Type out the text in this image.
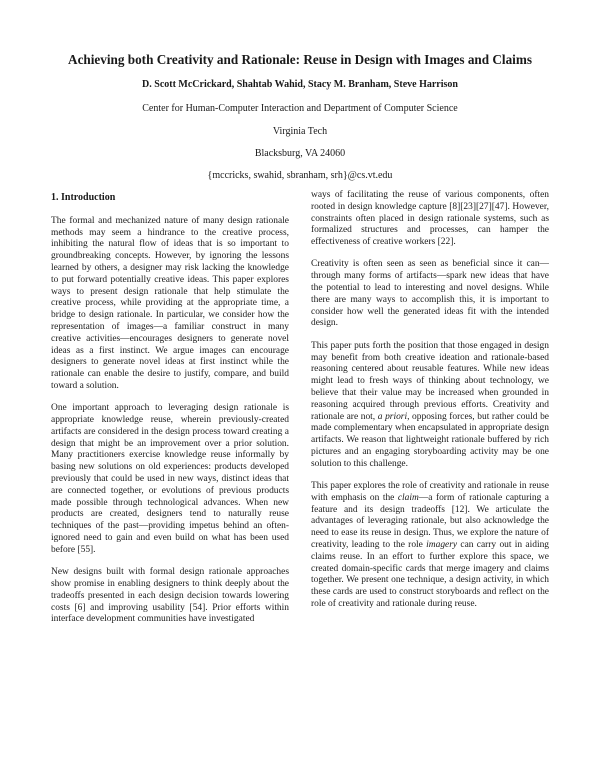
Achieving both Creativity and Rationale: Reuse in Design with Images and Claims

D. Scott McCrickard, Shahtab Wahid, Stacy M. Branham, Steve Harrison

Center for Human-Computer Interaction and Department of Computer Science

Virginia Tech

Blacksburg, VA 24060

{mccricks, swahid, sbranham, srh}@cs.vt.edu

1. Introduction

The formal and mechanized nature of many design rationale methods may seem a hindrance to the creative process, inhibiting the natural flow of ideas that is so important to groundbreaking concepts. However, by ignoring the lessons learned by others, a designer may risk lacking the knowledge to put forward potentially creative ideas. This paper explores ways to present design rationale that help stimulate the creative process, while providing at the appropriate time, a bridge to design rationale. In particular, we consider how the representation of images—a familiar construct in many creative activities—encourages designers to generate novel ideas as a first instinct. We argue images can encourage designers to generate novel ideas at first instinct while the rationale can enable the desire to justify, compare, and build toward a solution.

One important approach to leveraging design rationale is appropriate knowledge reuse, wherein previously-created artifacts are considered in the design process toward creating a design that might be an improvement over a prior solution. Many practitioners exercise knowledge reuse informally by basing new solutions on old experiences: products developed previously that could be used in new ways, distinct ideas that are connected together, or evolutions of previous products made possible through technological advances. When new products are created, designers tend to naturally reuse techniques of the past—providing impetus behind an often-ignored need to gain and even build on what has been used before [55].

New designs built with formal design rationale approaches show promise in enabling designers to think deeply about the tradeoffs presented in each design decision towards lowering costs [6] and improving usability [54]. Prior efforts within interface development communities have investigated

ways of facilitating the reuse of various components, often rooted in design knowledge capture [8][23][27][47]. However, constraints often placed in design rationale systems, such as formalized structures and processes, can hamper the effectiveness of creative workers [22].

Creativity is often seen as seen as beneficial since it can—through many forms of artifacts—spark new ideas that have the potential to lead to interesting and novel designs. While there are many ways to accomplish this, it is important to consider how well the generated ideas fit with the intended design.

This paper puts forth the position that those engaged in design may benefit from both creative ideation and rationale-based reasoning centered about reusable features. While new ideas might lead to fresh ways of thinking about technology, we believe that their value may be increased when grounded in reasoning acquired through previous efforts. Creativity and rationale are not, a priori, opposing forces, but rather could be made complementary when encapsulated in appropriate design artifacts. We reason that lightweight rationale buffered by rich pictures and an engaging storyboarding activity may be one solution to this challenge.

This paper explores the role of creativity and rationale in reuse with emphasis on the claim—a form of rationale capturing a feature and its design tradeoffs [12]. We articulate the advantages of leveraging rationale, but also acknowledge the need to ease its reuse in design. Thus, we explore the nature of creativity, leading to the role imagery can carry out in aiding claims reuse. In an effort to further explore this space, we created domain-specific cards that merge imagery and claims together. We present one technique, a design activity, in which these cards are used to construct storyboards and reflect on the role of creativity and rationale during reuse.
